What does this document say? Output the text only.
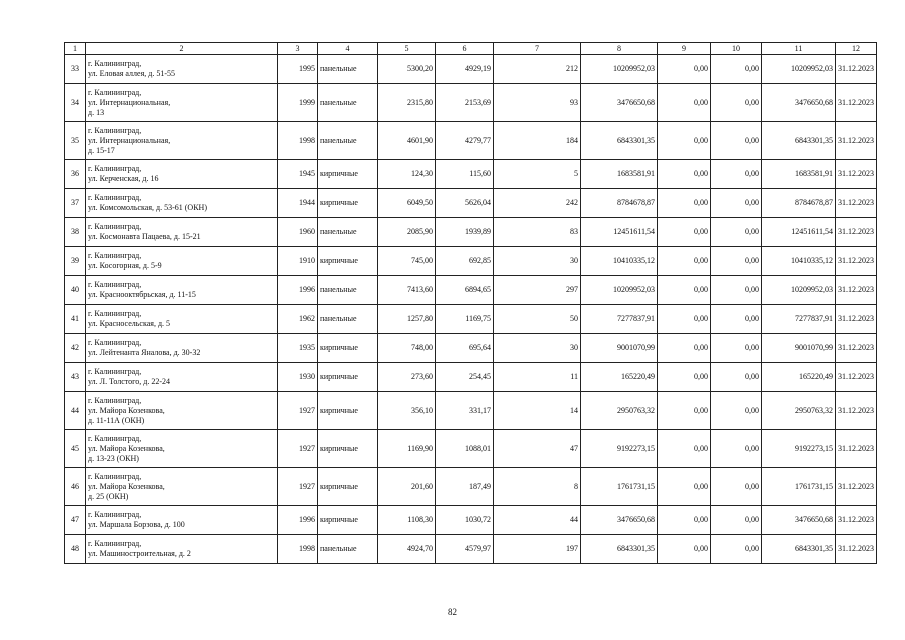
1	2	3	4	5	6	7	8	9	10	11	12
33	г. Калининград,
ул. Еловая аллея, д. 51-55	1995	панельные	5300,20	4929,19	212	10209952,03	0,00	0,00	10209952,03	31.12.2023
34	г. Калининград,
ул. Интернациональная,
д. 13	1999	панельные	2315,80	2153,69	93	3476650,68	0,00	0,00	3476650,68	31.12.2023
35	г. Калининград,
ул. Интернациональная,
д. 15-17	1998	панельные	4601,90	4279,77	184	6843301,35	0,00	0,00	6843301,35	31.12.2023
36	г. Калининград,
ул. Керченская, д. 16	1945	кирпичные	124,30	115,60	5	1683581,91	0,00	0,00	1683581,91	31.12.2023
37	г. Калининград,
ул. Комсомольская, д. 53-61 (ОКН)	1944	кирпичные	6049,50	5626,04	242	8784678,87	0,00	0,00	8784678,87	31.12.2023
38	г. Калининград,
ул. Космонавта Пацаева, д. 15-21	1960	панельные	2085,90	1939,89	83	12451611,54	0,00	0,00	12451611,54	31.12.2023
39	г. Калининград,
ул. Косогорная, д. 5-9	1910	кирпичные	745,00	692,85	30	10410335,12	0,00	0,00	10410335,12	31.12.2023
40	г. Калининград,
ул. Краснооктябрьская, д. 11-15	1996	панельные	7413,60	6894,65	297	10209952,03	0,00	0,00	10209952,03	31.12.2023
41	г. Калининград,
ул. Красносельская, д. 5	1962	панельные	1257,80	1169,75	50	7277837,91	0,00	0,00	7277837,91	31.12.2023
42	г. Калининград,
ул. Лейтенанта Яналова, д. 30-32	1935	кирпичные	748,00	695,64	30	9001070,99	0,00	0,00	9001070,99	31.12.2023
43	г. Калининград,
ул. Л. Толстого, д. 22-24	1930	кирпичные	273,60	254,45	11	165220,49	0,00	0,00	165220,49	31.12.2023
44	г. Калининград,
ул. Майора Козенкова,
д. 11-11А (ОКН)	1927	кирпичные	356,10	331,17	14	2950763,32	0,00	0,00	2950763,32	31.12.2023
45	г. Калининград,
ул. Майора Козенкова,
д. 13-23 (ОКН)	1927	кирпичные	1169,90	1088,01	47	9192273,15	0,00	0,00	9192273,15	31.12.2023
46	г. Калининград,
ул. Майора Козенкова,
д. 25 (ОКН)	1927	кирпичные	201,60	187,49	8	1761731,15	0,00	0,00	1761731,15	31.12.2023
47	г. Калининград,
ул. Маршала Борзова, д. 100	1996	кирпичные	1108,30	1030,72	44	3476650,68	0,00	0,00	3476650,68	31.12.2023
48	г. Калининград,
ул. Машиностроительная, д. 2	1998	панельные	4924,70	4579,97	197	6843301,35	0,00	0,00	6843301,35	31.12.2023
82
